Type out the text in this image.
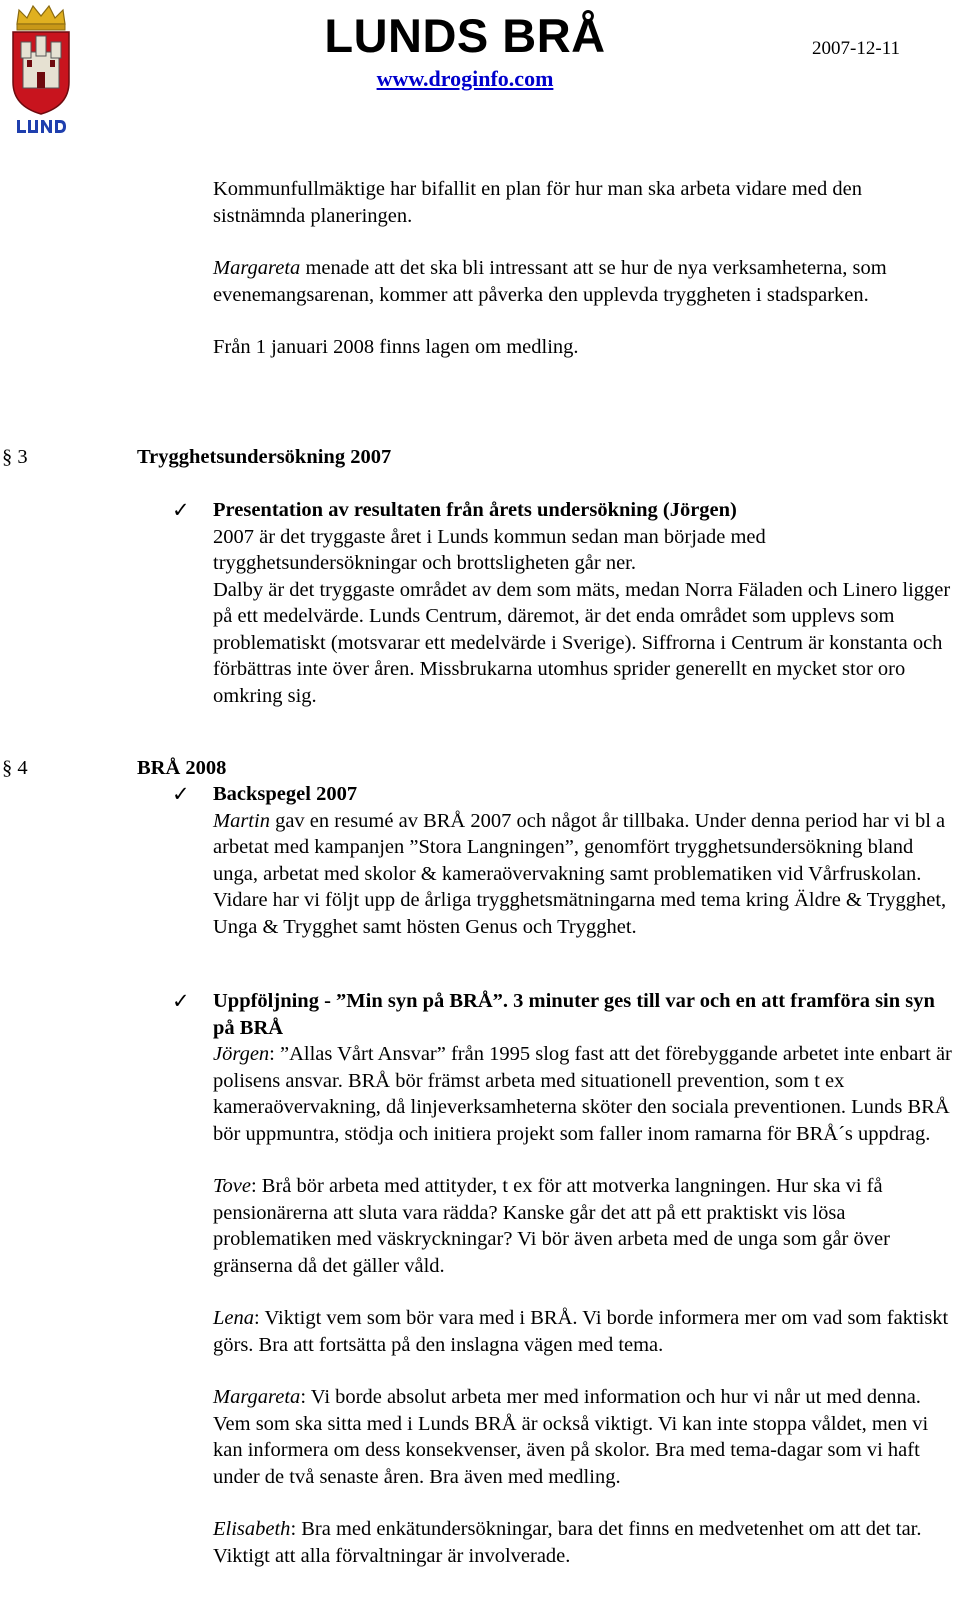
LUNDS BRÅ
www.droginfo.com
2007-12-11

Kommunfullmäktige har bifallit en plan för hur man ska arbeta vidare med den sistnämnda planeringen.

Margareta menade att det ska bli intressant att se hur de nya verksamheterna, som evenemangsarenan, kommer att påverka den upplevda tryggheten i stadsparken.

Från 1 januari 2008 finns lagen om medling.

§ 3	Trygghetsundersökning 2007
✓ Presentation av resultaten från årets undersökning (Jörgen)

2007 är det tryggaste året i Lunds kommun sedan man började med trygghetsundersökningar och brottsligheten går ner.

Dalby är det tryggaste området av dem som mäts, medan Norra Fäladen och Linero ligger på ett medelvärde. Lunds Centrum, däremot, är det enda området som upplevs som problematiskt (motsvarar ett medelvärde i Sverige). Siffrorna i Centrum är konstanta och förbättras inte över åren. Missbrukarna utomhus sprider generellt en mycket stor oro omkring sig.

§ 4	BRÅ 2008
✓ Backspegel 2007

Martin gav en resumé av BRÅ 2007 och något år tillbaka. Under denna period har vi bl a arbetat med kampanjen ”Stora Langningen”, genomfört trygghetsundersökning bland unga, arbetat med skolor & kameraövervakning samt problematiken vid Vårfruskolan. Vidare har vi följt upp de årliga trygghetsmätningarna med tema kring Äldre & Trygghet, Unga & Trygghet samt hösten Genus och Trygghet.

✓ Uppföljning - ”Min syn på BRÅ”. 3 minuter ges till var och en att framföra sin syn på BRÅ

Jörgen: ”Allas Vårt Ansvar” från 1995 slog fast att det förebyggande arbetet inte enbart är polisens ansvar. BRÅ bör främst arbeta med situationell prevention, som t ex kameraövervakning, då linjeverksamheterna sköter den sociala preventionen. Lunds BRÅ bör uppmuntra, stödja och initiera projekt som faller inom ramarna för BRÅ´s uppdrag.

Tove: Brå bör arbeta med attityder, t ex för att motverka langningen. Hur ska vi få pensionärerna att sluta vara rädda? Kanske går det att på ett praktiskt vis lösa problematiken med väskryckningar? Vi bör även arbeta med de unga som går över gränserna då det gäller våld.

Lena: Viktigt vem som bör vara med i BRÅ. Vi borde informera mer om vad som faktiskt görs. Bra att fortsätta på den inslagna vägen med tema.

Margareta: Vi borde absolut arbeta mer med information och hur vi når ut med denna. Vem som ska sitta med i Lunds BRÅ är också viktigt. Vi kan inte stoppa våldet, men vi kan informera om dess konsekvenser, även på skolor. Bra med tema-dagar som vi haft under de två senaste åren. Bra även med medling.

Elisabeth: Bra med enkätundersökningar, bara det finns en medvetenhet om att det tar. Viktigt att alla förvaltningar är involverade.
